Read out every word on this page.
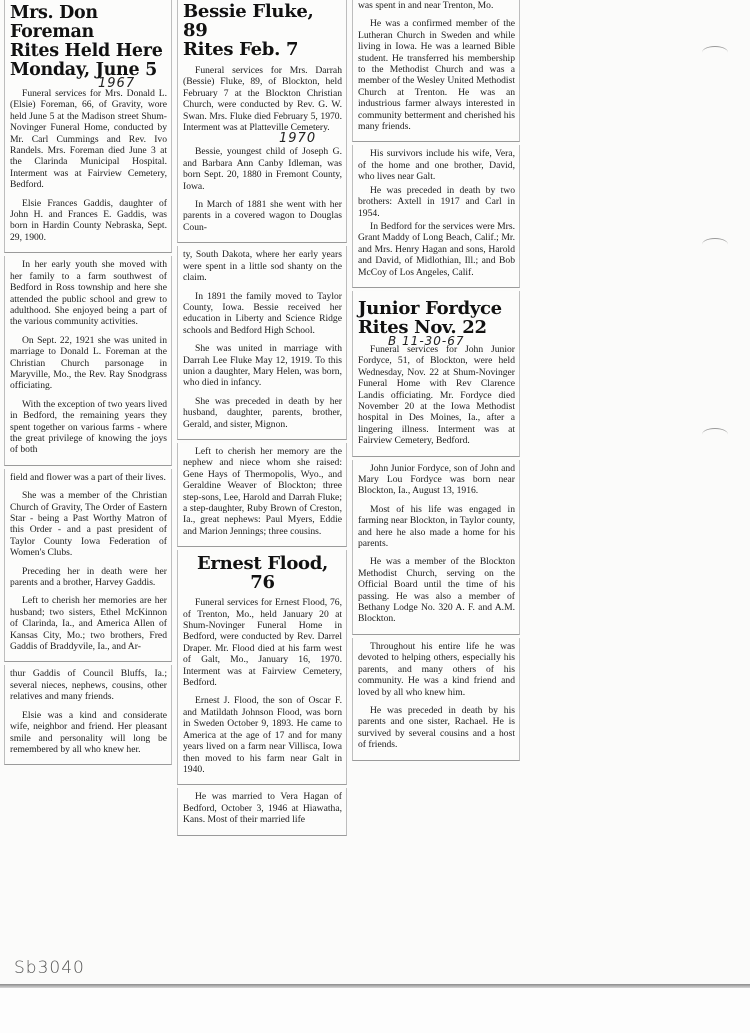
Mrs. Don Foreman
Rites Held Here
Monday, June 5
1967

Funeral services for Mrs. Donald L. (Elsie) Foreman, 66, of Gravity, wore held June 5 at the Madison street Shum-Novinger Funeral Home, conducted by Mr. Carl Cummings and Rev. Ivo Randels. Mrs. Foreman died June 3 at the Clarinda Municipal Hospital. Interment was at Fairview Cemetery, Bedford.

Elsie Frances Gaddis, daughter of John H. and Frances E. Gaddis, was born in Hardin County Nebraska, Sept. 29, 1900.

In her early youth she moved with her family to a farm southwest of Bedford in Ross township and here she attended the public school and grew to adulthood. She enjoyed being a part of the various community activities.

On Sept. 22, 1921 she was united in marriage to Donald L. Foreman at the Christian Church parsonage in Maryville, Mo., the Rev. Ray Snodgrass officiating.

With the exception of two years lived in Bedford, the remaining years they spent together on various farms - where the great privilege of knowing the joys of both

field and flower was a part of their lives.

She was a member of the Christian Church of Gravity, The Order of Eastern Star - being a Past Worthy Matron of this Order - and a past president of Taylor County Iowa Federation of Women's Clubs.

Preceding her in death were her parents and a brother, Harvey Gaddis.

Left to cherish her memories are her husband; two sisters, Ethel McKinnon of Clarinda, Ia., and America Allen of Kansas City, Mo.; two brothers, Fred Gaddis of Braddyvile, Ia., and Ar-

thur Gaddis of Council Bluffs, Ia.; several nieces, nephews, cousins, other relatives and many friends.

Elsie was a kind and considerate wife, neighbor and friend. Her pleasant smile and personality will long be remembered by all who knew her.

Bessie Fluke, 89
Rites Feb. 7

Funeral services for Mrs. Darrah (Bessie) Fluke, 89, of Blockton, held February 7 at the Blockton Christian Church, were conducted by Rev. G. W. Swan. Mrs. Fluke died February 5, 1970. Interment was at Platteville Cemetery.

1970

Bessie, youngest child of Joseph G. and Barbara Ann Canby Idleman, was born Sept. 20, 1880 in Fremont County, Iowa.

In March of 1881 she went with her parents in a covered wagon to Douglas Coun-

ty, South Dakota, where her early years were spent in a little sod shanty on the claim.

In 1891 the family moved to Taylor County, Iowa. Bessie received her education in Liberty and Science Ridge schools and Bedford High School.

She was united in marriage with Darrah Lee Fluke May 12, 1919. To this union a daughter, Mary Helen, was born, who died in infancy.

She was preceded in death by her husband, daughter, parents, brother, Gerald, and sister, Mignon.

Left to cherish her memory are the nephew and niece whom she raised: Gene Hays of Thermopolis, Wyo., and Geraldine Weaver of Blockton; three step-sons, Lee, Harold and Darrah Fluke; a step-daughter, Ruby Brown of Creston, Ia., great nephews: Paul Myers, Eddie and Marion Jennings; three cousins.

Ernest Flood, 76

Funeral services for Ernest Flood, 76, of Trenton, Mo., held January 20 at Shum-Novinger Funeral Home in Bedford, were conducted by Rev. Darrel Draper. Mr. Flood died at his farm west of Galt, Mo., January 16, 1970. Interment was at Fairview Cemetery, Bedford.

Ernest J. Flood, the son of Oscar F. and Matildath Johnson Flood, was born in Sweden October 9, 1893. He came to America at the age of 17 and for many years lived on a farm near Villisca, Iowa then moved to his farm near Galt in 1940.

He was married to Vera Hagan of Bedford, October 3, 1946 at Hiawatha, Kans. Most of their married life

was spent in and near Trenton, Mo.

He was a confirmed member of the Lutheran Church in Sweden and while living in Iowa. He was a learned Bible student. He transferred his membership to the Methodist Church and was a member of the Wesley United Methodist Church at Trenton. He was an industrious farmer always interested in community betterment and cherished his many friends.

His survivors include his wife, Vera, of the home and one brother, David, who lives near Galt.

He was preceded in death by two brothers: Axtell in 1917 and Carl in 1954.

In Bedford for the services were Mrs. Grant Maddy of Long Beach, Calif.; Mr. and Mrs. Henry Hagan and sons, Harold and David, of Midlothian, Ill.; and Bob McCoy of Los Angeles, Calif.

Junior Fordyce
Rites Nov. 22
B 11-30-67

Funeral services for John Junior Fordyce, 51, of Blockton, were held Wednesday, Nov. 22 at Shum-Novinger Funeral Home with Rev Clarence Landis officiating. Mr. Fordyce died November 20 at the Iowa Methodist hospital in Des Moines, Ia., after a lingering illness. Interment was at Fairview Cemetery, Bedford.

John Junior Fordyce, son of John and Mary Lou Fordyce was born near Blockton, Ia., August 13, 1916.

Most of his life was engaged in farming near Blockton, in Taylor county, and here he also made a home for his parents.

He was a member of the Blockton Methodist Church, serving on the Official Board until the time of his passing. He was also a member of Bethany Lodge No. 320 A. F. and A.M. Blockton.

Throughout his entire life he was devoted to helping others, especially his parents, and many others of his community. He was a kind friend and loved by all who knew him.

He was preceded in death by his parents and one sister, Rachael. He is survived by several cousins and a host of friends.

Sb3040
